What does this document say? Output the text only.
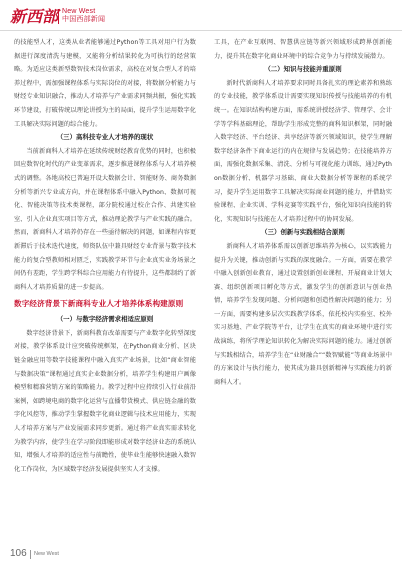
新西部 New West
中国西部新闻

的技能型人才，这类从业者能够通过Python等工具对用户行为数据进行深度清洗与建模，又能将分析结果转化为可执行的经营策略。为适应这类新型数智技术岗位需求，高校在对复合型人才的培养过程中，需加强课程体系与实际岗位的对接，将数据分析能力与财经专业知识融合，推动人才培养与产业需求同频共振，强化实践环节建设，打破传统以理论讲授为主的局面，提升学生运用数字化工具解决实际问题的综合能力。

（三）高科技专业人才培养的现状

当前新商科人才培养在延续传统财经教育优势的同时，也积极回应数智化时代的产业变革需求，逐步推进课程体系与人才培养模式的调整。各地高校已普遍开设大数据会计、智能财务、商务数据分析等新兴专业或方向，并在课程体系中融入Python、数据可视化、智能决策等技术类课程，部分院校通过校企合作、共建实验室、引入企业真实项目等方式，推动理论教学与产业实践的融合。然而，新商科人才培养仍存在一些亟待解决的问题，如课程内容更新滞后于技术迭代速度，师资队伍中兼具财经专业背景与数字技术能力的复合型教师相对匮乏，实践教学环节与企业真实业务场景之间仍有差距，学生跨学科综合应用能力有待提升，这些都制约了新商科人才培养质量的进一步提高。

数字经济背景下新商科专业人才培养体系构建原则

（一）与数字经济需求相适应原则

数字经济背景下，新商科教育改革需要与产业数字化转型深度对接，教学体系设计应突破传统框架，在Python商业分析、区块链金融应用等数字技能课程中融入真实产业场景，比如“商业智能与数据决策”课程通过真实企业数据分析，培养学生构建用户画像模型和精准营销方案的策略能力。教学过程中应持续引入行业前沿案例，如跨境电商的数字化运营与直播带货模式、供应链金融的数字化风控等，推动学生掌握数字化商业逻辑与技术应用能力，实现人才培养方案与产业发展需求同步更新。通过将产业真实需求转化为教学内容，使学生在学习阶段即能形成对数字经济业态的系统认知，增强人才培养的适应性与前瞻性，使毕业生能够快速融入数智化工作岗位，为区域数字经济发展提供坚实人才支撑。

工具，在产业互联网、智慧供应链等新兴领域形成跨界创新能力，提升其在数字化商业环境中的综合竞争力与持续发展潜力。

（二）知识与技能并重原则

新时代新商科人才培养要求同时具备扎实的理论素养和熟练的专业技能，教学体系设计需要实现知识传授与技能培养的有机统一。在知识结构构建方面，需系统讲授经济学、管理学、会计学等学科基础理论，帮助学生形成完整的商科知识框架，同时融入数字经济、平台经济、共享经济等新兴领域知识，使学生理解数字经济条件下商业运行的内在规律与发展趋势；在技能培养方面，需强化数据采集、清洗、分析与可视化能力训练，通过Python数据分析、机器学习基础、商业大数据分析等课程的系统学习，提升学生运用数字工具解决实际商业问题的能力，并借助实验课程、企业实训、学科竞赛等实践平台，强化知识向技能的转化，实现知识与技能在人才培养过程中的协同发展。

（三）创新与实践相结合原则

新商科人才培养体系需以创新思维培养为核心，以实践能力提升为关键，推动创新与实践的深度融合。一方面，需要在教学中融入创新创业教育，通过设置创新创业课程、开展商业计划大赛、组织创新项目孵化等方式，激发学生的创新意识与创业热情，培养学生发现问题、分析问题和创造性解决问题的能力；另一方面，需要构建多层次实践教学体系，依托校内实验室、校外实习基地、产业学院等平台，让学生在真实的商业环境中进行实战演练，将所学理论知识转化为解决实际问题的能力。通过创新与实践相结合，培养学生在“业财融合”“数智赋能”等商业场景中的方案设计与执行能力，使其成为兼具创新精神与实践能力的新商科人才。

106 New West
